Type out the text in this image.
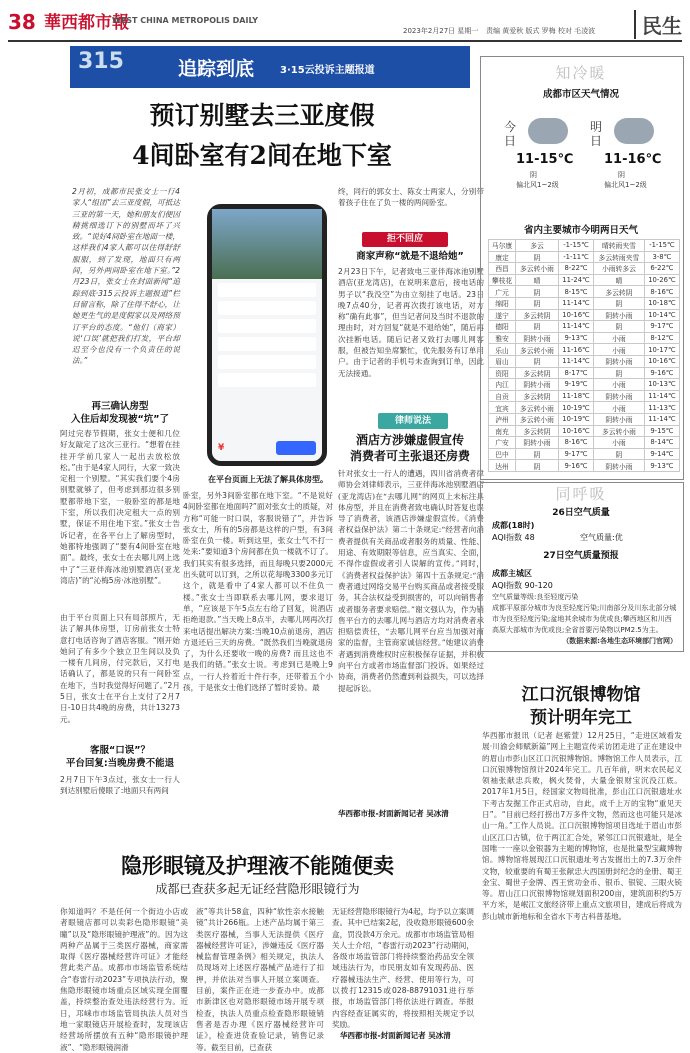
38 華西都市報
WEST CHINA METROPOLIS DAILY
2023年2月27日 星期一 责编 黄爱秋 版式 罗梅 校对 毛凌波	民生
315	追踪到底	3·15云投诉主题报道
预订别墅去三亚度假
4间卧室有2间在地下室
2月初，成都市民张女士一行4家人“组团”去三亚度假，可抵达三亚的第一天，她和朋友们便因精挑细选订下的别墅而坏了兴致。“说好4间卧室在地面一楼，这样我们4家人都可以住得舒舒服服，到了发现，地面只有两间，另外两间卧室在地下室。”2月23日，张女士在封面新闻“追踪到底·315云投诉主题报道”栏目留言称，除了住得不舒心，让她更生气的是度假家以及网络预订平台的态度。“他们（商家）说‘口误’就把我们打发，平台却迟至今也没有一个负责任的说法。”
再三确认房型
入住后却发现被“坑”了
阿过完春节假期，张女士便和几位好友敲定了这次三亚行。“想着在挂挂开学前几家人一起出去放松放松。”由于是4家人同行，大家一致决定租一个别墅。“其实我们要个4房别墅就够了，但考虑到那边很多别墅都带地下室，一般卧室的都是地下室，所以我们决定租大一点的别墅，保证不用住地下室。”张女士告诉记者，在各平台上了解房型时，她都特地强调了“要有4间卧室在地面”。最终，张女士在去哪儿网上选中了“三亚伴海冰池别墅酒店(亚龙湾店)”的“沁梅5房·冰池别墅”。
由于平台页面上只有局部照片，无法了解具体房型，订房前张女士特意打电话咨询了酒店客服。“刚开始她问了有多少个独立卫生间以及负一楼有几间房，付完款后，又打电话确认了，都是说的只有一间卧室在地下，当时我觉得好问题了。”2月5日，张女士在平台上支付了2月7日-10日共4晚的房费，共计13273元。
客服“口误”？
平台回复:当晚房费不能退
2月7日下午3点过，张女士一行人到达别墅后傻眼了:地面只有两间
¥
在平台页面上无法了解具体房型。
卧室，另外3间卧室都在地下室。“不是说好4间卧室都在地面吗?”面对张女士的质疑，对方称“可能一时口误，客服说错了”，并告诉张女士，所有的5房都是这样的户型，有3间卧室在负一楼。听到这里，张女士气不打一处来:“要知道3个房间都在负一楼就不订了。我们其实有很多选择，而且每晚只要2000元出头就可以订到，之所以花每晚3300多元订这个，就是看中了4家人都可以不住负一楼。”张女士当即联系去哪儿网，要求退订单，“应该是下午5点左右给了回复，说酒店拒绝退款。”当天晚上8点半，去哪儿网再次打来电话提出解决方案:当晚10点前退房，酒店方退还后三天的房费。“既然我们当晚就退房了，为什么还要收一晚的房费? 而且这也不是我们的错。”张女士说。考虑到已是晚上9点，一行人拎着近十件行李，还带着五个小孩，于是张女士他们选择了暂时妥协。最
终，同行的郭女士、陈女士两家人，分别带着孩子住在了负一楼的两间卧室。
拒不回应
商家声称“就是不退给她”
2月23日下午，记者致电三亚伴海冰池别墅酒店(亚龙湾店)，在说明来意后，接电话的男子以“我没空”为由立刻挂了电话。23日晚7点40分，记者再次拨打该电话，对方称“确有此事”，但当记者问及当时不退款的理由时，对方回复“就是不退给她”，随后再次挂断电话。随后记者又致打去哪儿网客服，但被告知坐席繁忙，优先服务有订单用户。由于记者的手机号未查询到订单，因此无法接通。
律师说法
酒店方涉嫌虚假宣传
消费者可主张退还房费
针对张女士一行人的遭遇，四川省消费者律师协会刘律师表示，三亚伴海冰池别墅酒店(亚龙湾店)在“去哪儿网”的网页上未标注具体房型，并且在消费者致电确认时答复也误导了消费者，该酒店涉嫌虚假宣传。《消费者权益保护法》第二十条规定:“经营者向消费者提供有关商品或者服务的质量、性能、用途、有效期限等信息，应当真实、全面，不得作虚假或者引人误解的宣传。”同时，《消费者权益保护法》第四十五条规定:“消费者通过网络交易平台购买商品或者接受服务，其合法权益受到损害的，可以向销售者或者服务者要求赔偿。”谢文强认为，作为销售平台方的去哪儿网与酒店方均对消费者承担赔偿责任，“去哪儿网平台应当加强对商家的监督，主管商家诚信经营。”她建议消费者遇到消费维权时应积极保存证据，并积极向平台方或者市场监督部门投诉。如果经过协商，消费者仍然遭到利益损失，可以选择提起诉讼。
华西都市报-封面新闻记者 吴冰清
隐形眼镜及护理液不能随便卖
成都已查获多起无证经营隐形眼镜行为
你知道吗？不是任何一个街边小店或者眼镜店都可以卖彩色隐形眼镜“美瞳”以及“隐形眼镜护理液”的。因为这两种产品属于三类医疗器械，商家需取得《医疗器械经营许可证》才能经营此类产品。成都市市场监管系统结合“春雷行动2023”专项执法行动，聚焦隐形眼镜市场重点区域实现全面覆盖，持续整治查处违法经营行为。近日，邛崃市市场监管局执法人员对当地一家眼镜店开展检查时，发现该店经营场所摆放有五种“隐形眼镜护理液”、“隐形眼镜润滑
液”等共计58盒，四种“软性亲水接触镜”共计266瓶。上述产品均属于第三类医疗器械，当事人无法提供《医疗器械经营许可证》，涉嫌违反《医疗器械监督管理条例》相关规定，执法人员现场对上述医疗器械产品进行了扣押，并依法对当事人开展立案调查。目前，案件正在进一步查办中。成都市新津区也对隐形眼镜市场开展专项检查，执法人员重点检查隐形眼镜销售者是否办理《医疗器械经营许可证》，检查进货查验记录，销售记录等。截至目前，已查获
无证经营隐形眼镜行为4起，均予以立案调查。其中已结案2起，没收隐形眼镜600余盒，罚没款4万余元。成都市市场监管局相关人士介绍，“春雷行动2023”行动期间，各级市场监管部门将持续整治药品安全领域违法行为，市民朋友如有发现药品、医疗器械违法生产、经营、使用等行为，可以拨打12315或028-88791031进行举报，市场监管部门将依法进行调查。举报内容经查证属实的，将按照相关规定予以奖励。
华西都市报-封面新闻记者 吴冰清
知冷暖
成都市区天气情况
今日
11-15℃
阴
偏北风1~2级
明日
11-16℃
阴
偏北风1~2级
省内主要城市今明两日天气
马尔康	多云	-1-15℃	晴转雨夹雪	-1-15℃
康定	阴	-1-11℃	多云转雨夹雪	3-8℃
西昌	多云转小雨	8-22℃	小雨转多云	6-22℃
攀枝花	晴	11-24℃	晴	10-26℃
广元	阴	8-15℃	多云转阴	8-16℃
绵阳	阴	11-14℃	阴	10-18℃
遂宁	多云转阴	10-16℃	阴转小雨	10-14℃
德阳	阴	11-14℃	阴	9-17℃
雅安	阴转小雨	9-13℃	小雨	8-12℃
乐山	多云转小雨	11-16℃	小雨	10-17℃
眉山	阴	11-14℃	阴转小雨	10-16℃
资阳	多云转阴	8-17℃	阴	9-16℃
内江	阴转小雨	9-19℃	小雨	10-13℃
自贡	多云转阴	11-18℃	阴转小雨	11-14℃
宜宾	多云转小雨	10-19℃	小雨	11-13℃
泸州	多云转小雨	10-19℃	阴转小雨	11-14℃
南充	多云转阴	10-16℃	多云转小雨	9-15℃
广安	阴转小雨	8-16℃	小雨	8-14℃
巴中	阴	9-17℃	阴	9-14℃
达州	阴	9-16℃	阴转小雨	9-13℃
同呼吸
26日空气质量
成都(18时)
AQI指数 48	空气质量:优
27日空气质量预报
成都主城区
AQI指数 90-120
空气质量等级:良至轻度污染
成都平原部分城市为良至轻度污染;川南部分及川东北部分城市为良至轻度污染;盆地其余城市为优或良;攀西地区和川西高原大部城市为优或良;全省首要污染物以PM2.5为主。
（数据来源:各地生态环境部门官网）
江口沉银博物馆
预计明年完工
华西都市报讯（记者 赵紫萱）12月25日，“走进区域看发展·川渝会师赋新篇”网上主题宣传采访团走进了正在建设中的眉山市彭山区江口沉银博物馆。博物馆工作人员表示，江口沉银博物馆预计2024年完工。几百年前，明末农民起义领袖张献忠兵败，枫火焚骨，大量金银财宝沉没江底。2017年1月5日，经国家文物局批准，彭山江口沉银遗址水下考古发掘工作正式启动，自此，成千上万的宝物“重见天日”。“目前已经打捞出7万多件文物，然而这也可能只是冰山一角。”工作人员说。江口沉银博物馆项目选址于眉山市彭山区江口古镇，位于两江汇合处，紧邻江口沉银遗址，是全国唯一一座以金银器为主题的博物馆，也是批量型宝藏博物馆。博物馆将展现江口沉银遗址考古发掘出土的7.3万余件文物，较重要的有蜀王张献忠大西国册封纪念的金册、蜀王金宝、蜀世子金牌、西王赏功金币、银币、银锭、三眼火铳等。眉山江口沉银博物馆规划面积200亩，建筑面积约5万平方米，是岷江文旅经济带上重点文旅项目，建成后将成为彭山城市新地标和全省水下考古科普基地。
